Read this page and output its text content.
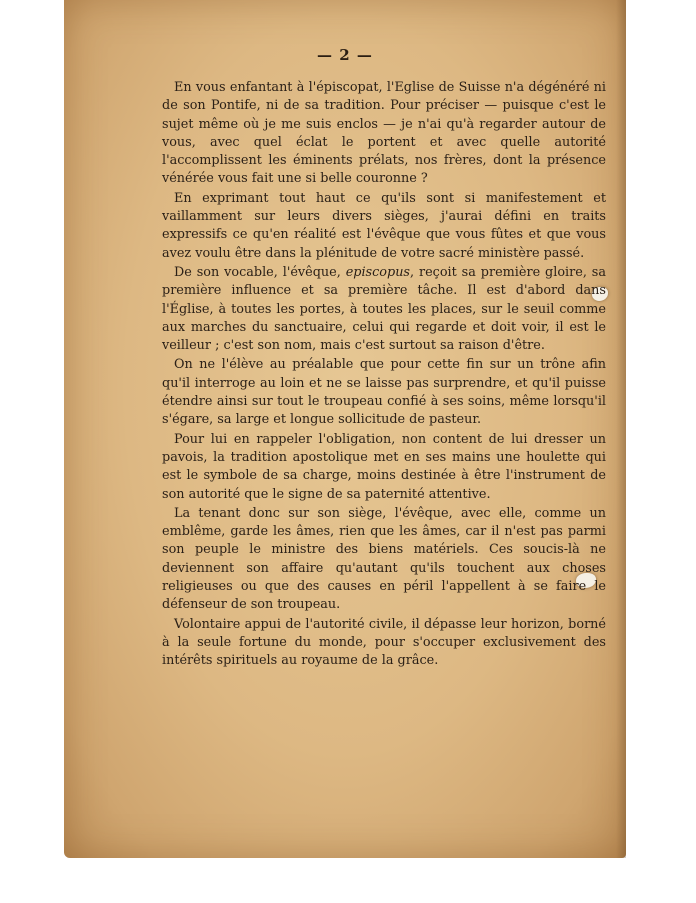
— 2 —

En vous enfantant à l'épiscopat, l'Eglise de Suisse n'a dégénéré ni de son Pontife, ni de sa tradition. Pour préciser — puisque c'est le sujet même où je me suis enclos — je n'ai qu'à regarder autour de vous, avec quel éclat le portent et avec quelle autorité l'accomplissent les éminents prélats, nos frères, dont la présence vénérée vous fait une si belle couronne ?

En exprimant tout haut ce qu'ils sont si manifestement et vaillamment sur leurs divers sièges, j'aurai défini en traits expressifs ce qu'en réalité est l'évêque que vous fûtes et que vous avez voulu être dans la plénitude de votre sacré ministère passé.

De son vocable, l'évêque, episcopus, reçoit sa première gloire, sa première influence et sa première tâche. Il est d'abord dans l'Église, à toutes les portes, à toutes les places, sur le seuil comme aux marches du sanctuaire, celui qui regarde et doit voir, il est le veilleur ; c'est son nom, mais c'est surtout sa raison d'être.

On ne l'élève au préalable que pour cette fin sur un trône afin qu'il interroge au loin et ne se laisse pas surprendre, et qu'il puisse étendre ainsi sur tout le troupeau confié à ses soins, même lorsqu'il s'égare, sa large et longue sollicitude de pasteur.

Pour lui en rappeler l'obligation, non content de lui dresser un pavois, la tradition apostolique met en ses mains une houlette qui est le symbole de sa charge, moins destinée à être l'instrument de son autorité que le signe de sa paternité attentive.

La tenant donc sur son siège, l'évêque, avec elle, comme un emblême, garde les âmes, rien que les âmes, car il n'est pas parmi son peuple le ministre des biens matériels. Ces soucis-là ne deviennent son affaire qu'autant qu'ils touchent aux choses religieuses ou que des causes en péril l'appellent à se faire le défenseur de son troupeau.

Volontaire appui de l'autorité civile, il dépasse leur horizon, borné à la seule fortune du monde, pour s'occuper exclusivement des intérêts spirituels au royaume de la grâce.
